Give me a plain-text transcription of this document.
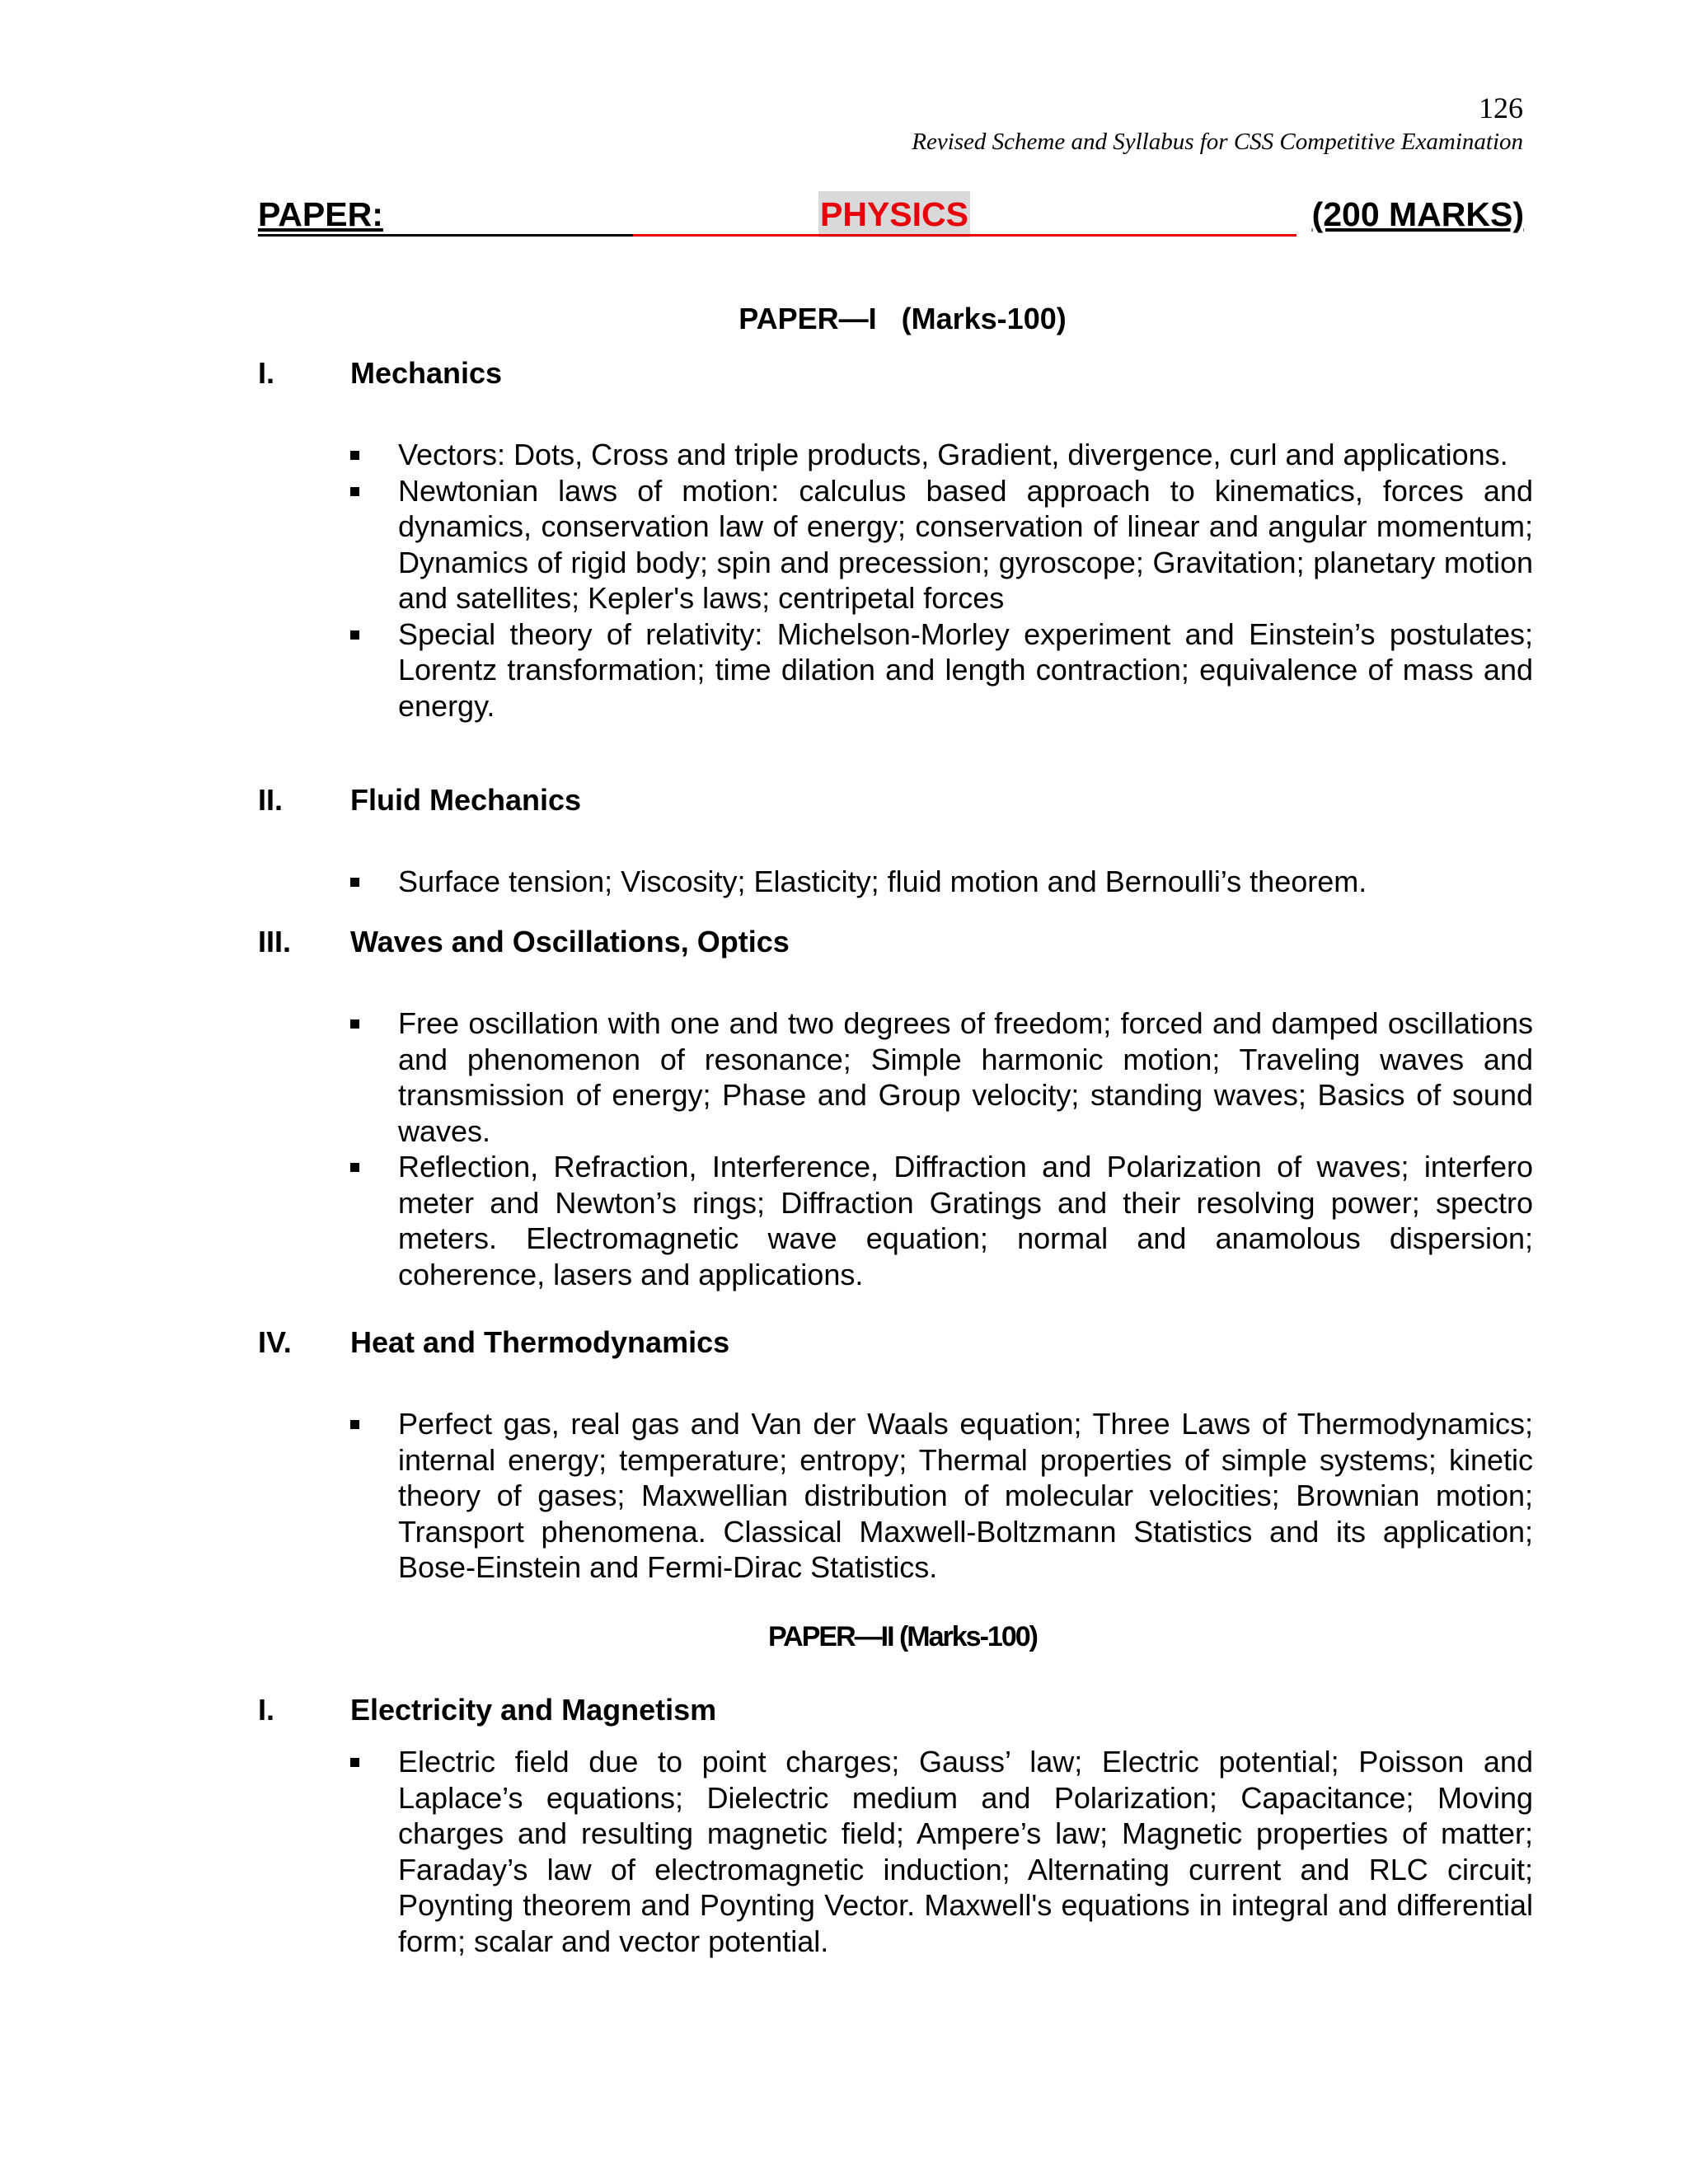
126
Revised Scheme and Syllabus for CSS Competitive Examination
PAPER:	PHYSICS	(200 MARKS)
PAPER—I   (Marks-100)
I.	Mechanics
Vectors: Dots, Cross and triple products, Gradient, divergence, curl and applications.
Newtonian laws of motion: calculus based approach to kinematics, forces and dynamics, conservation law of energy; conservation of linear and angular momentum; Dynamics of rigid body; spin and precession; gyroscope; Gravitation; planetary motion and satellites; Kepler's laws; centripetal forces
Special theory of relativity: Michelson-Morley experiment and Einstein’s postulates; Lorentz transformation; time dilation and length contraction; equivalence of mass and energy.
II. Fluid Mechanics
Surface tension; Viscosity; Elasticity; fluid motion and Bernoulli’s theorem.
III. Waves and Oscillations, Optics
Free oscillation with one and two degrees of freedom; forced and damped oscillations and phenomenon of resonance; Simple harmonic motion; Traveling waves and transmission of energy; Phase and Group velocity; standing waves; Basics of sound waves.
Reflection, Refraction, Interference, Diffraction and Polarization of waves; interfero meter and Newton’s rings; Diffraction Gratings and their resolving power; spectro meters. Electromagnetic wave equation; normal and anamolous dispersion; coherence, lasers and applications.
IV. Heat and Thermodynamics
Perfect gas, real gas and Van der Waals equation; Three Laws of Thermodynamics; internal energy; temperature; entropy; Thermal properties of simple systems; kinetic theory of gases; Maxwellian distribution of molecular velocities; Brownian motion; Transport phenomena. Classical Maxwell-Boltzmann Statistics and its application; Bose-Einstein and Fermi-Dirac Statistics.
PAPER—II (Marks-100)
I.	Electricity and Magnetism
Electric field due to point charges; Gauss’ law; Electric potential; Poisson and Laplace’s equations; Dielectric medium and Polarization; Capacitance; Moving charges and resulting magnetic field; Ampere’s law; Magnetic properties of matter; Faraday’s law of electromagnetic induction; Alternating current and RLC circuit; Poynting theorem and Poynting Vector. Maxwell's equations in integral and differential form; scalar and vector potential.
